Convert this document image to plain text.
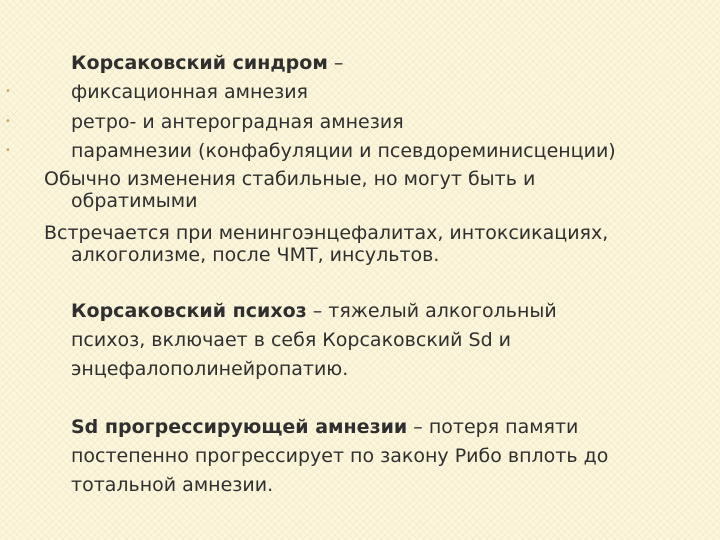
Корсаковский синдром –
•	фиксационная амнезия
•	ретро- и антероградная амнезия
•	парамнезии (конфабуляции и псевдореминисценции)
Обычно изменения стабильные, но могут быть и
обратимыми
Встречается при менингоэнцефалитах, интоксикациях,
алкоголизме, после ЧМТ, инсультов.
Корсаковский психоз – тяжелый алкогольный
психоз, включает в себя Корсаковский Sd и
энцефалополинейропатию.
Sd прогрессирующей амнезии – потеря памяти
постепенно прогрессирует по закону Рибо вплоть до
тотальной амнезии.
